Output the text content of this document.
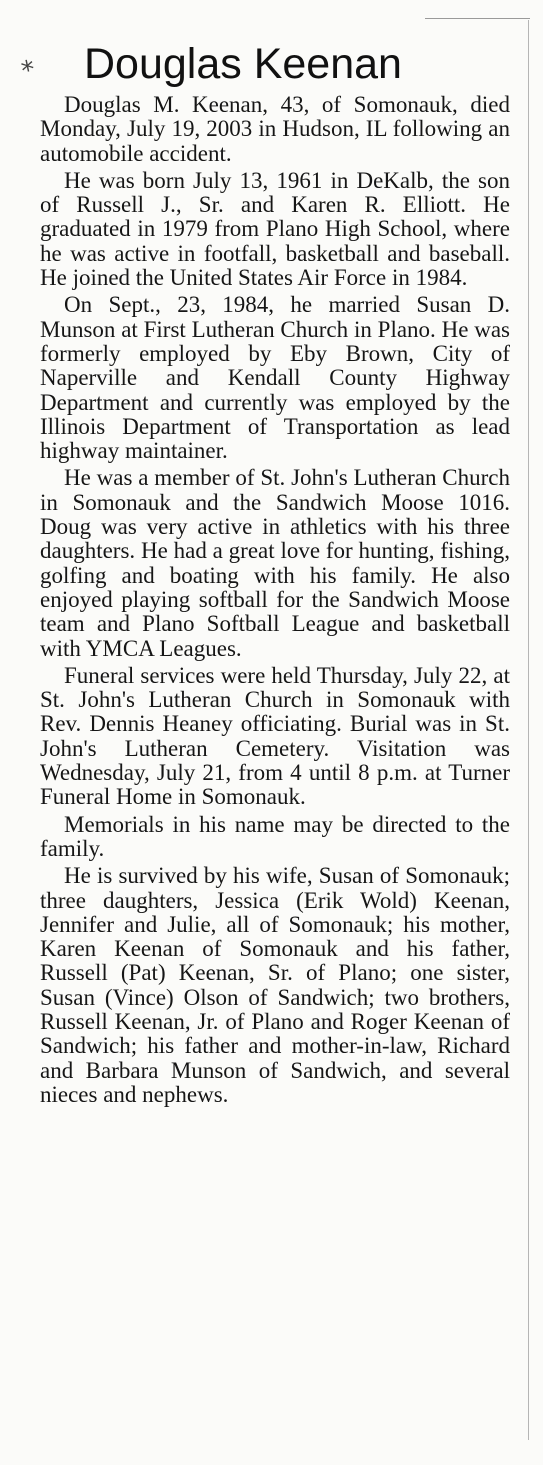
* Douglas Keenan

Douglas M. Keenan, 43, of Somonauk, died Monday, July 19, 2003 in Hudson, IL following an automobile accident.

He was born July 13, 1961 in DeKalb, the son of Russell J., Sr. and Karen R. Elliott. He graduated in 1979 from Plano High School, where he was active in footfall, basketball and baseball. He joined the United States Air Force in 1984.

On Sept., 23, 1984, he married Susan D. Munson at First Lutheran Church in Plano. He was formerly employed by Eby Brown, City of Naperville and Kendall County Highway Department and currently was employed by the Illinois Department of Transportation as lead highway maintainer.

He was a member of St. John's Lutheran Church in Somonauk and the Sandwich Moose 1016. Doug was very active in athletics with his three daughters. He had a great love for hunting, fishing, golfing and boating with his family. He also enjoyed playing softball for the Sandwich Moose team and Plano Softball League and basketball with YMCA Leagues.

Funeral services were held Thursday, July 22, at St. John's Lutheran Church in Somonauk with Rev. Dennis Heaney officiating. Burial was in St. John's Lutheran Cemetery. Visitation was Wednesday, July 21, from 4 until 8 p.m. at Turner Funeral Home in Somonauk.

Memorials in his name may be directed to the family.

He is survived by his wife, Susan of Somonauk; three daughters, Jessica (Erik Wold) Keenan, Jennifer and Julie, all of Somonauk; his mother, Karen Keenan of Somonauk and his father, Russell (Pat) Keenan, Sr. of Plano; one sister, Susan (Vince) Olson of Sandwich; two brothers, Russell Keenan, Jr. of Plano and Roger Keenan of Sandwich; his father and mother-in-law, Richard and Barbara Munson of Sandwich, and several nieces and nephews.
